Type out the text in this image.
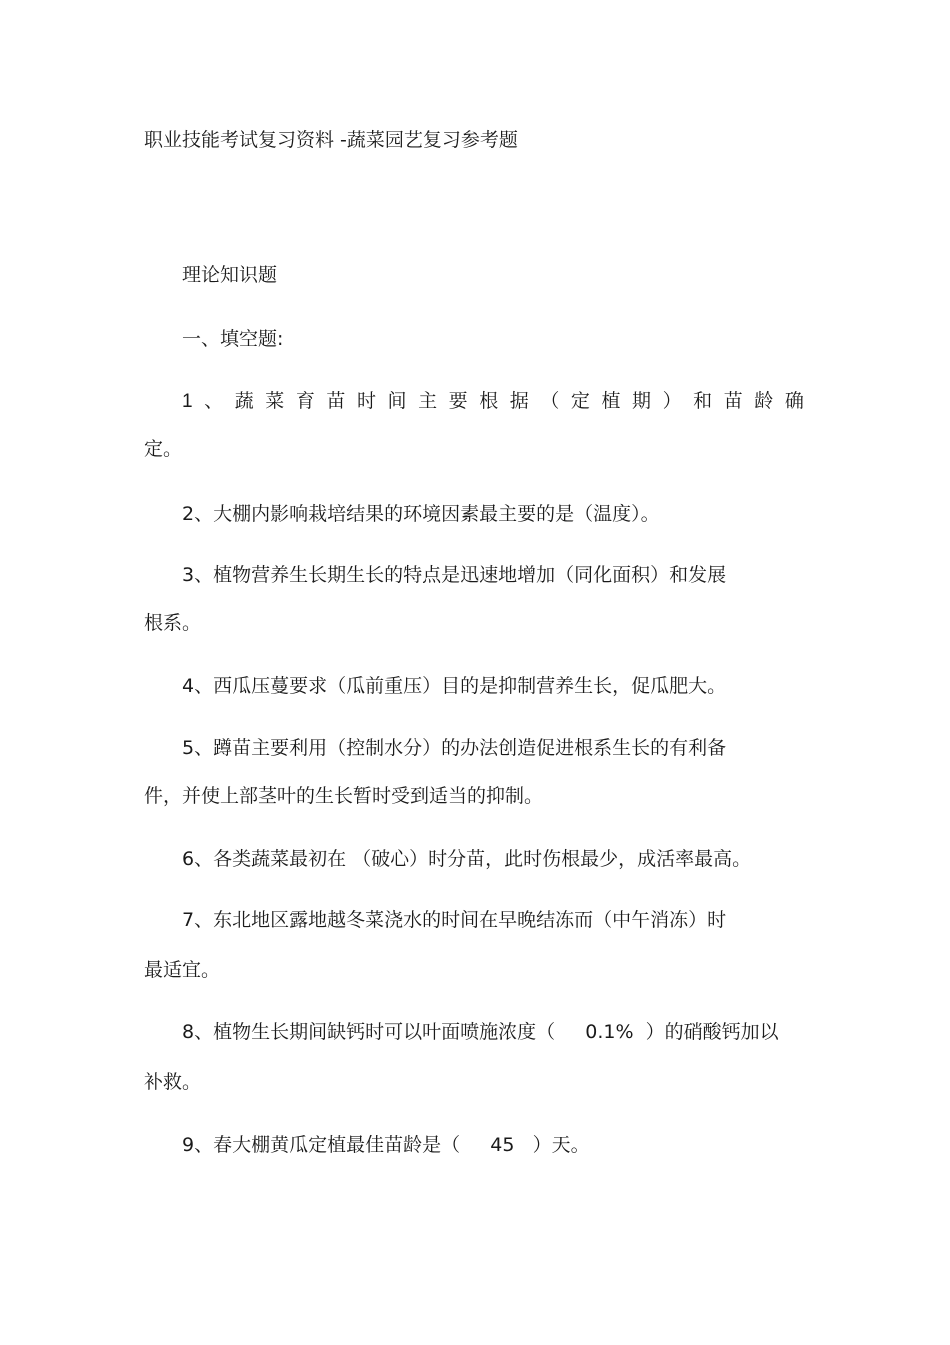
职业技能考试复习资料 -蔬菜园艺复习参考题
理论知识题
一、填空题:
1 、 蔬 菜 育 苗 时 间 主 要 根 据 （ 定 植 期 ） 和 苗 龄 确
定。
2、大棚内影响栽培结果的环境因素最主要的是（温度）。
3、植物营养生长期生长的特点是迅速地增加（同化面积）和发展
根系。
4、西瓜压蔓要求（瓜前重压）目的是抑制营养生长，促瓜肥大。
5、蹲苗主要利用（控制水分）的办法创造促进根系生长的有利备
件，并使上部茎叶的生长暂时受到适当的抑制。
6、各类蔬菜最初在 （破心）时分苗，此时伤根最少，成活率最高。
7、东北地区露地越冬菜浇水的时间在早晚结冻而（中午消冻）时
最适宜。
8、植物生长期间缺钙时可以叶面喷施浓度（     0.1%  ）的硝酸钙加以
补救。
9、春大棚黄瓜定植最佳苗龄是（     45   ）天。
